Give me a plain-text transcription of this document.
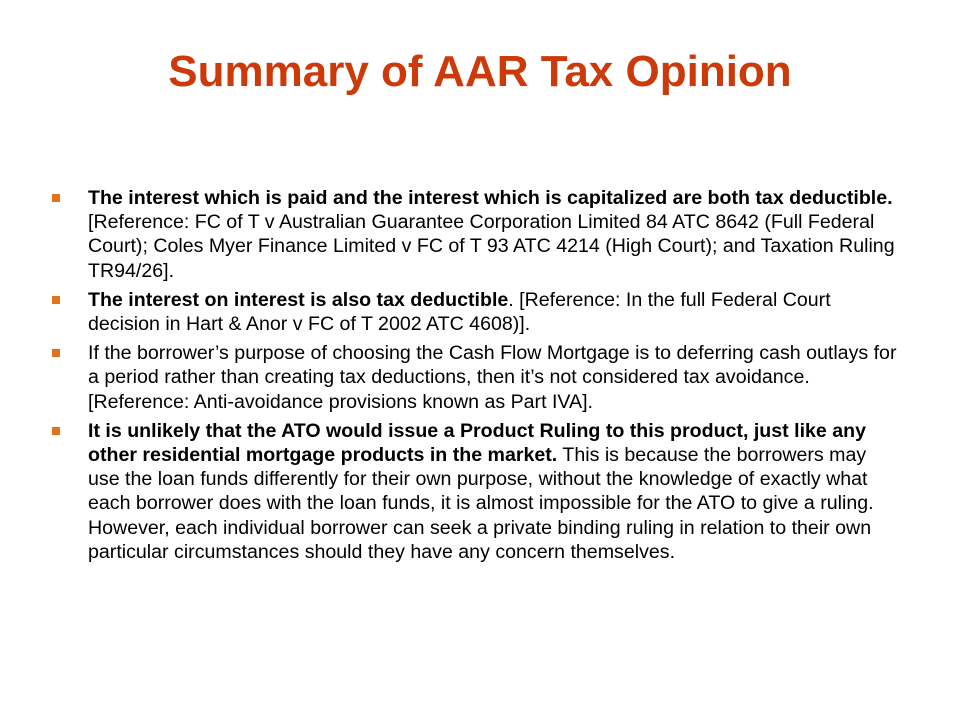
Summary of AAR Tax Opinion
The interest which is paid and the interest which is capitalized are both tax deductible. [Reference: FC of T v Australian Guarantee Corporation Limited 84 ATC 8642 (Full Federal Court); Coles Myer Finance Limited v FC of T 93 ATC 4214 (High Court); and Taxation Ruling TR94/26].
The interest on interest is also tax deductible. [Reference: In the full Federal Court decision in Hart & Anor v FC of T 2002 ATC 4608)].
If the borrower’s purpose of choosing the Cash Flow Mortgage is to deferring cash outlays for a period rather than creating tax deductions, then it’s not considered tax avoidance. [Reference: Anti-avoidance provisions known as Part IVA].
It is unlikely that the ATO would issue a Product Ruling to this product, just like any other residential mortgage products in the market. This is because the borrowers may use the loan funds differently for their own purpose, without the knowledge of exactly what each borrower does with the loan funds, it is almost impossible for the ATO to give a ruling. However, each individual borrower can seek a private binding ruling in relation to their own particular circumstances should they have any concern themselves.
